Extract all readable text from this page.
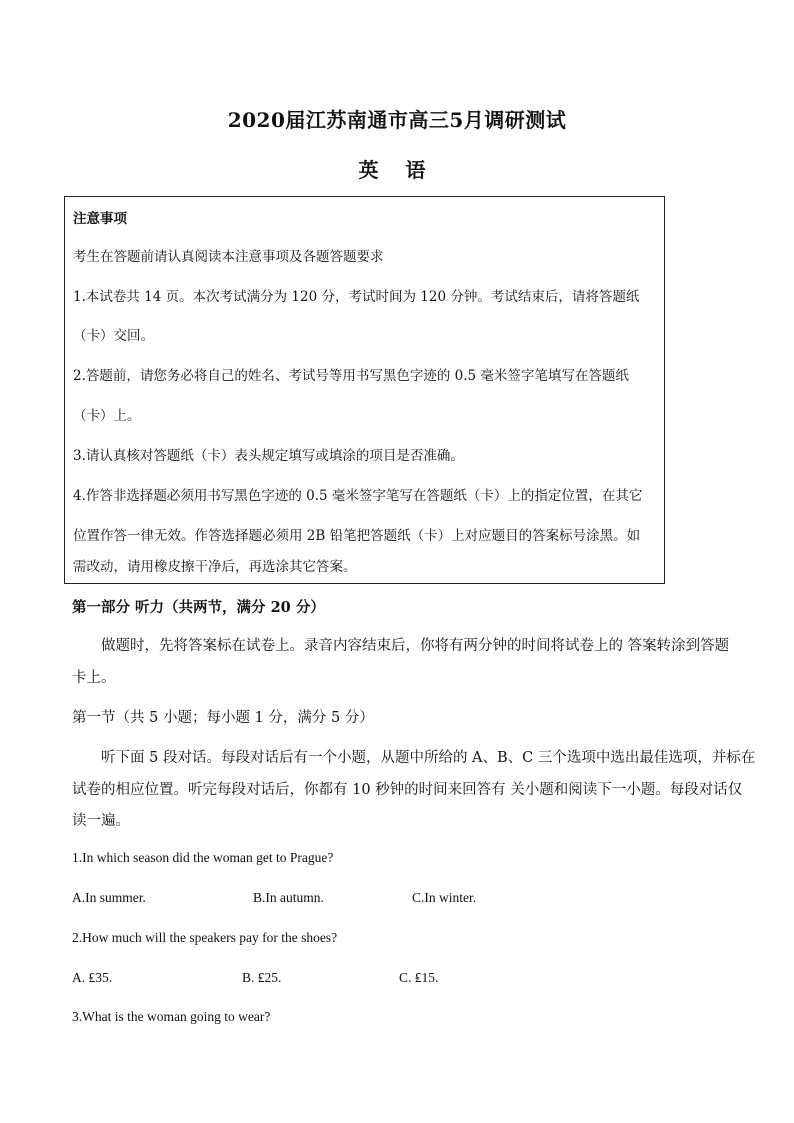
2020届江苏南通市高三5月调研测试
英 语
注意事项
考生在答题前请认真阅读本注意事项及各题答题要求
1.本试卷共 14 页。本次考试满分为 120 分，考试时间为 120 分钟。考试结束后，请将答题纸
（卡）交回。
2.答题前，请您务必将自己的姓名、考试号等用书写黑色字迹的 0.5 毫米签字笔填写在答题纸
（卡）上。
3.请认真核对答题纸（卡）表头规定填写或填涂的项目是否准确。
4.作答非选择题必须用书写黑色字迹的 0.5 毫米签字笔写在答题纸（卡）上的指定位置，在其它
位置作答一律无效。作答选择题必须用 2B 铅笔把答题纸（卡）上对应题目的答案标号涂黑。如
需改动，请用橡皮擦干净后，再选涂其它答案。
第一部分 听力（共两节，满分 20 分）
做题时，先将答案标在试卷上。录音内容结束后，你将有两分钟的时间将试卷上的 答案转涂到答题
卡上。
第一节（共 5 小题；每小题 1 分，满分 5 分）
听下面 5 段对话。每段对话后有一个小题，从题中所给的 A、B、C 三个选项中选出最佳选项，并标在
试卷的相应位置。听完每段对话后，你都有 10 秒钟的时间来回答有 关小题和阅读下一小题。每段对话仅
读一遍。
1.In which season did the woman get to Prague?
A.In summer.	B.In autumn.	C.In winter.
2.How much will the speakers pay for the shoes?
A. ₤35.	B. ₤25.	C. ₤15.
3.What is the woman going to wear?
